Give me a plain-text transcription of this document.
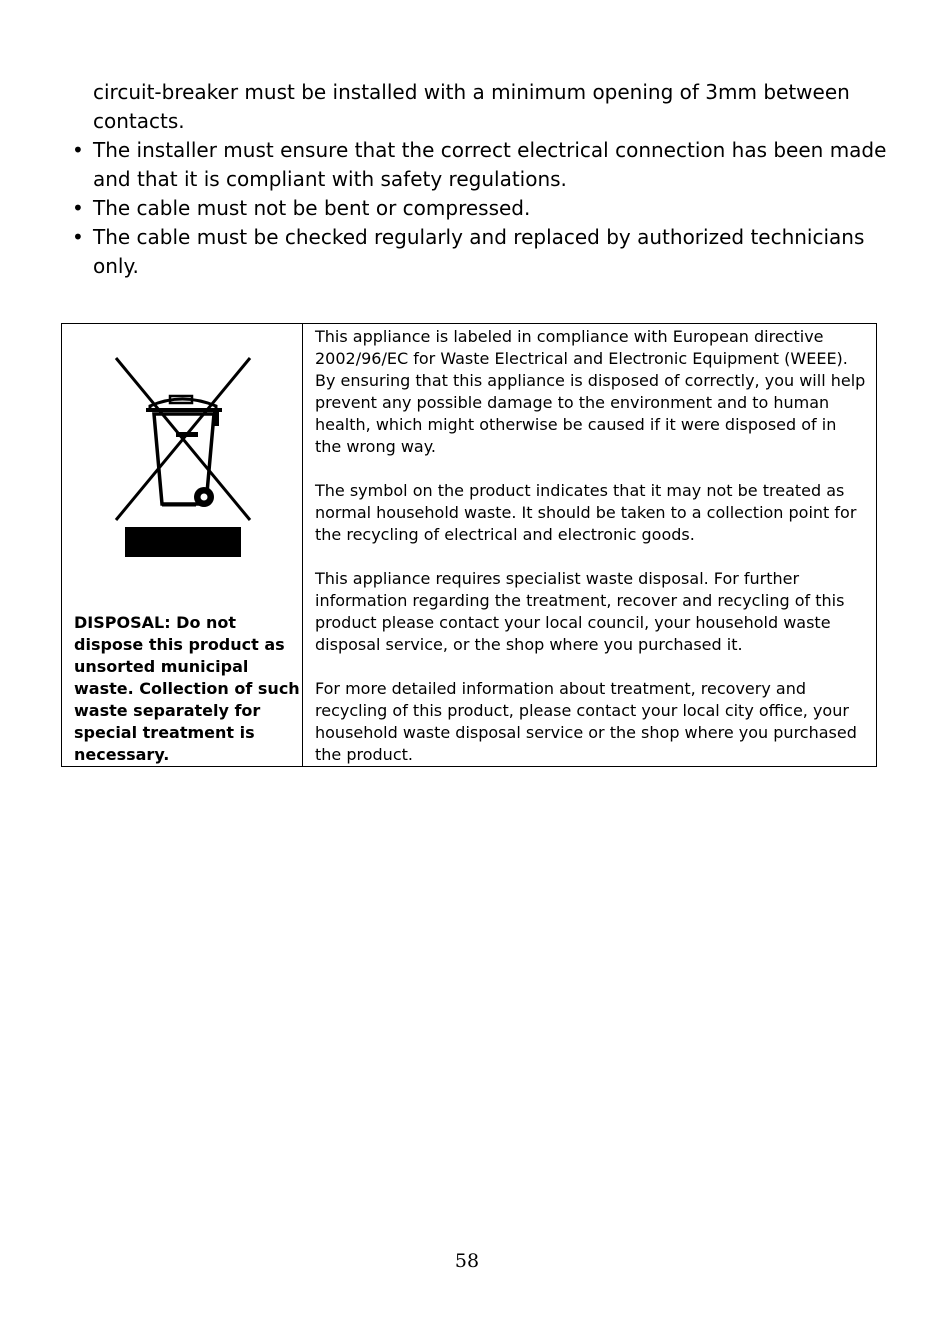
circuit-breaker must be installed with a minimum opening of 3mm between contacts.
• The installer must ensure that the correct electrical connection has been made and that it is compliant with safety regulations.
• The cable must not be bent or compressed.
• The cable must be checked regularly and replaced by authorized technicians only.
DISPOSAL: Do not dispose this product as unsorted municipal waste. Collection of such waste separately for special treatment is necessary.

This appliance is labeled in compliance with European directive 2002/96/EC for Waste Electrical and Electronic Equipment (WEEE). By ensuring that this appliance is disposed of correctly, you will help prevent any possible damage to the environment and to human health, which might otherwise be caused if it were disposed of in the wrong way.

The symbol on the product indicates that it may not be treated as normal household waste. It should be taken to a collection point for the recycling of electrical and electronic goods.

This appliance requires specialist waste disposal. For further information regarding the treatment, recover and recycling of this product please contact your local council, your household waste disposal service, or the shop where you purchased it.

For more detailed information about treatment, recovery and recycling of this product, please contact your local city office, your household waste disposal service or the shop where you purchased the product.

58
